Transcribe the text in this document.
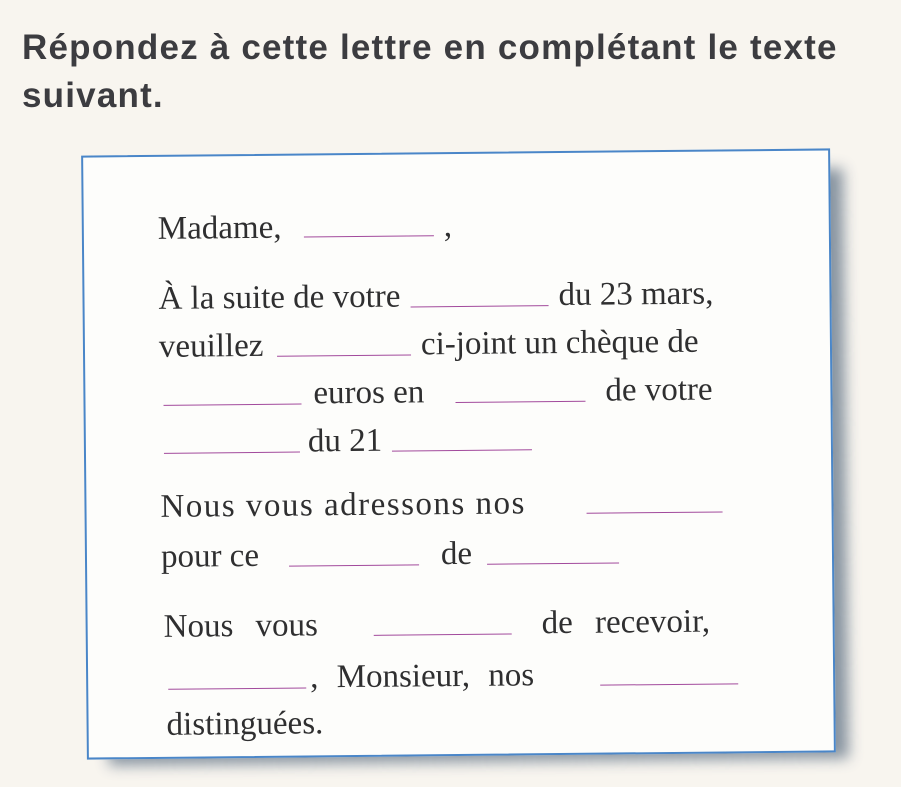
Répondez à cette lettre en complétant le texte suivant.
Madame,	,
À la suite de votre	du 23 mars,
veuillez	ci-joint un chèque de
euros en	de votre
du 21
Nous vous adressons nos
pour ce	de
Nous vous	de recevoir,
, Monsieur, nos
distinguées.
